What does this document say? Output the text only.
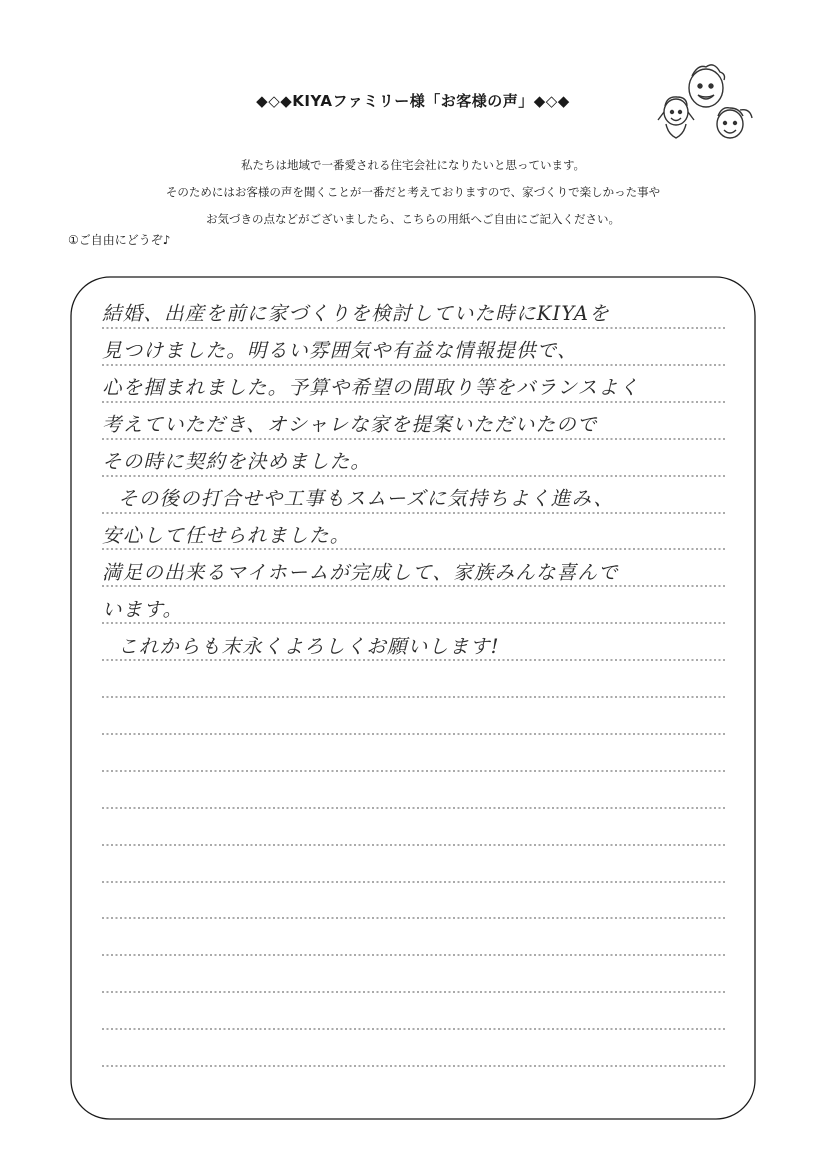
◆◇◆KIYAファミリー様「お客様の声」◆◇◆
私たちは地域で一番愛される住宅会社になりたいと思っています。
そのためにはお客様の声を聞くことが一番だと考えておりますので、家づくりで楽しかった事や
お気づきの点などがございましたら、こちらの用紙へご自由にご記入ください。
①ご自由にどうぞ♪
結婚、出産を前に家づくりを検討していた時にKIYAを
見つけました。明るい雰囲気や有益な情報提供で、
心を掴まれました。予算や希望の間取り等をバランスよく
考えていただき、オシャレな家を提案いただいたので
その時に契約を決めました。
その後の打合せや工事もスムーズに気持ちよく進み、
安心して任せられました。
満足の出来るマイホームが完成して、家族みんな喜んで
います。
これからも末永くよろしくお願いします!
